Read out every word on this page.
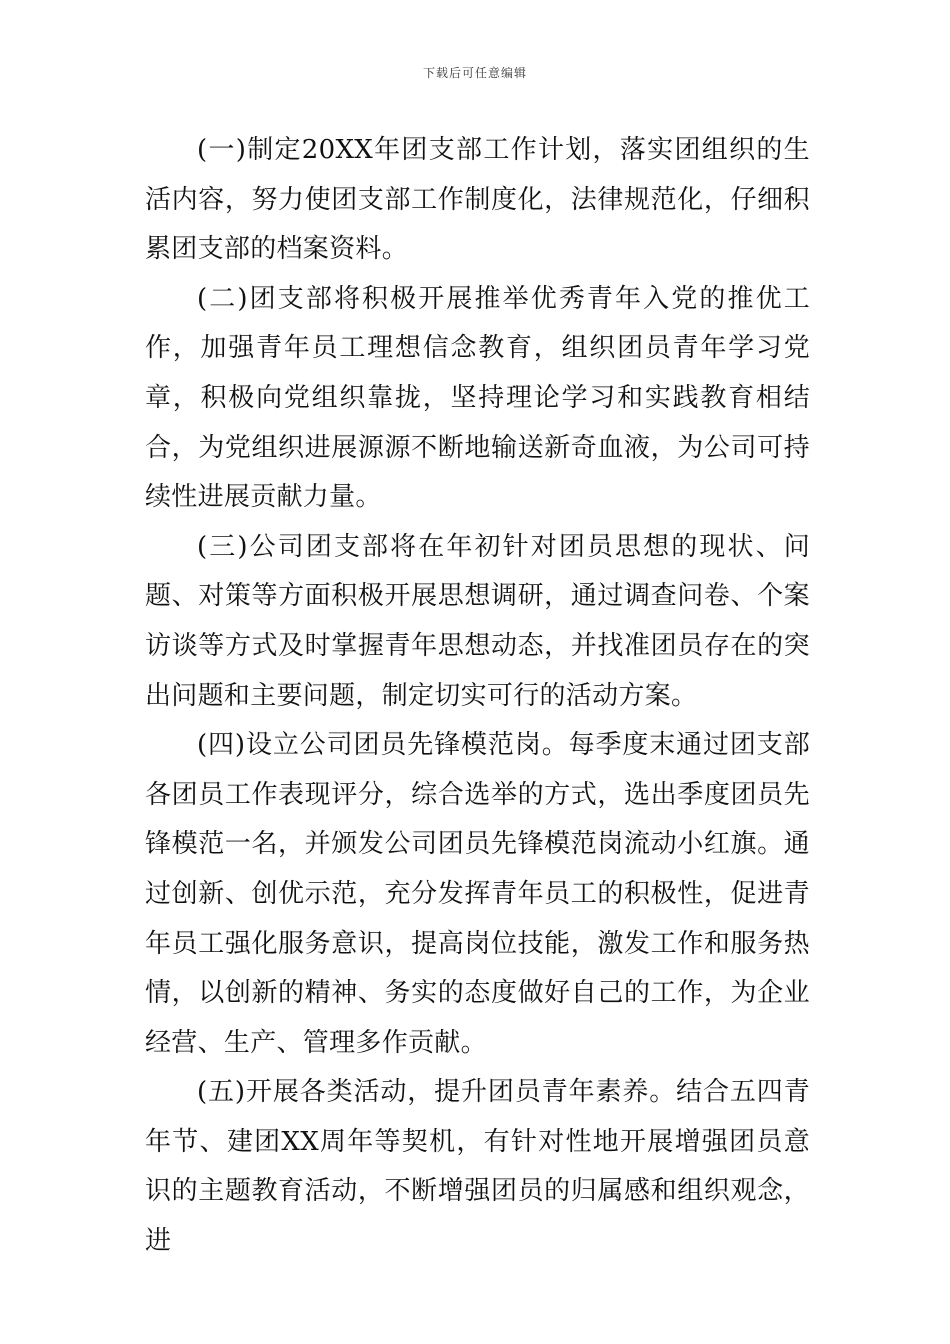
下载后可任意编辑

(一)制定20XX年团支部工作计划，落实团组织的生活内容，努力使团支部工作制度化，法律规范化，仔细积累团支部的档案资料。

(二)团支部将积极开展推举优秀青年入党的推优工作，加强青年员工理想信念教育，组织团员青年学习党章，积极向党组织靠拢，坚持理论学习和实践教育相结合，为党组织进展源源不断地输送新奇血液，为公司可持续性进展贡献力量。

(三)公司团支部将在年初针对团员思想的现状、问题、对策等方面积极开展思想调研，通过调查问卷、个案访谈等方式及时掌握青年思想动态，并找准团员存在的突出问题和主要问题，制定切实可行的活动方案。

(四)设立公司团员先锋模范岗。每季度末通过团支部各团员工作表现评分，综合选举的方式，选出季度团员先锋模范一名，并颁发公司团员先锋模范岗流动小红旗。通过创新、创优示范，充分发挥青年员工的积极性，促进青年员工强化服务意识，提高岗位技能，激发工作和服务热情，以创新的精神、务实的态度做好自己的工作，为企业经营、生产、管理多作贡献。

(五)开展各类活动，提升团员青年素养。结合五四青年节、建团XX周年等契机，有针对性地开展增强团员意识的主题教育活动，不断增强团员的归属感和组织观念，进
